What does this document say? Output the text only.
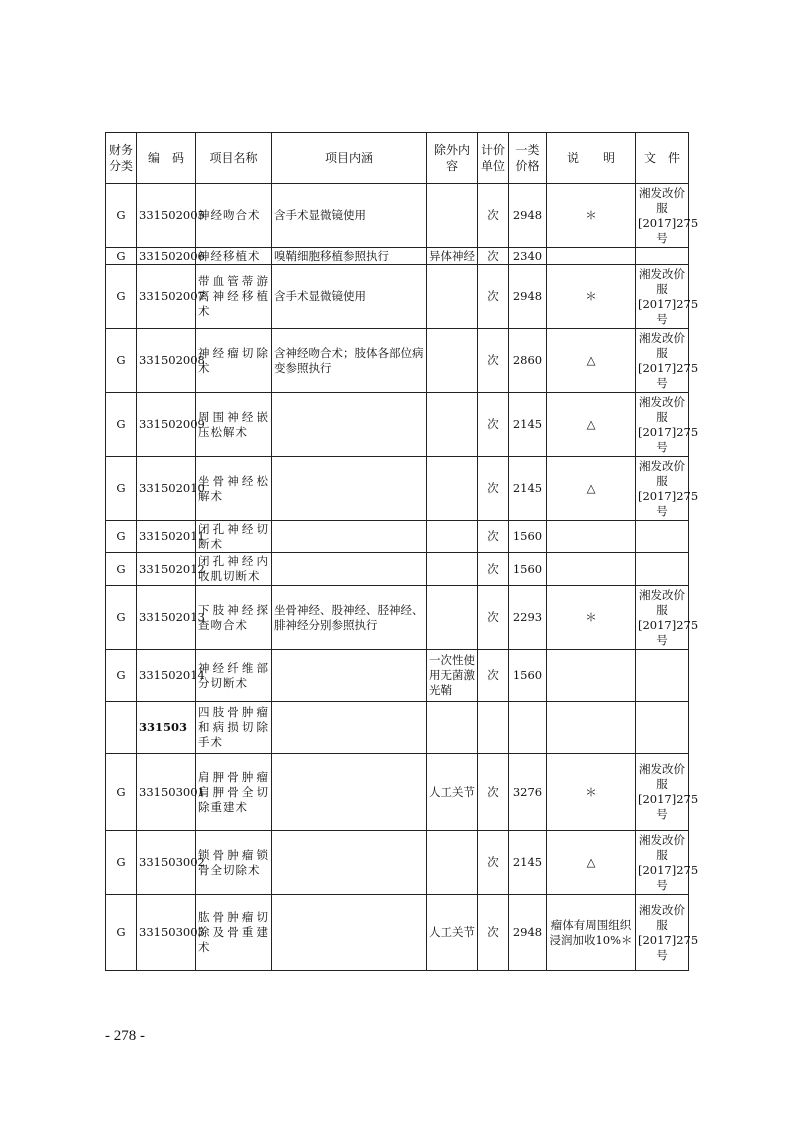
财务分类	编　码	项目名称	项目内涵	除外内容	计价单位	一类价格	说　　明	文　件
G	331502005	神经吻合术	含手术显微镜使用		次	2948	＊	湘发改价服[2017]275号
G	331502006	神经移植术	嗅鞘细胞移植参照执行	异体神经	次	2340		
G	331502007	带血管蒂游离神经移植术	含手术显微镜使用		次	2948	＊	湘发改价服[2017]275号
G	331502008	神经瘤切除术	含神经吻合术；肢体各部位病变参照执行		次	2860	△	湘发改价服[2017]275号
G	331502009	周围神经嵌压松解术			次	2145	△	湘发改价服[2017]275号
G	331502010	坐骨神经松解术			次	2145	△	湘发改价服[2017]275号
G	331502011	闭孔神经切断术			次	1560		
G	331502012	闭孔神经内收肌切断术			次	1560		
G	331502013	下肢神经探查吻合术	坐骨神经、股神经、胫神经、腓神经分别参照执行		次	2293	＊	湘发改价服[2017]275号
G	331502014	神经纤维部分切断术		一次性使用无菌激光鞘	次	1560		
	331503	四肢骨肿瘤和病损切除手术						
G	331503001	肩胛骨肿瘤肩胛骨全切除重建术		人工关节	次	3276	＊	湘发改价服[2017]275号
G	331503002	锁骨肿瘤锁骨全切除术			次	2145	△	湘发改价服[2017]275号
G	331503003	肱骨肿瘤切除及骨重建术		人工关节	次	2948	瘤体有周围组织浸润加收10%＊	湘发改价服[2017]275号
- 278 -
